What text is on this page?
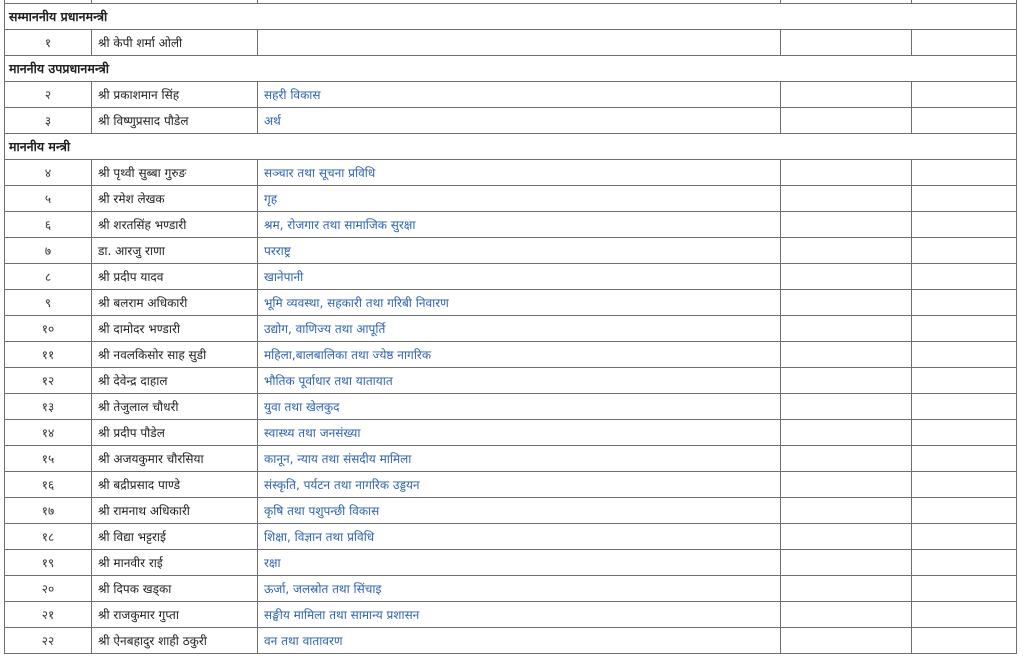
सम्माननीय प्रधानमन्त्री				
१	श्री केपी शर्मा ओली			
माननीय उपप्रधानमन्त्री				
२	श्री प्रकाशमान सिंह	सहरी विकास		
३	श्री विष्णुप्रसाद पौडेल	अर्थ		
माननीय मन्त्री				
४	श्री पृथ्वी सुब्बा गुरुङ	सञ्चार तथा सूचना प्रविधि		
५	श्री रमेश लेखक	गृह		
६	श्री शरतसिंह भण्डारी	श्रम, रोजगार तथा सामाजिक सुरक्षा		
७	डा. आरजु राणा	परराष्ट्र		
८	श्री प्रदीप यादव	खानेपानी		
९	श्री बलराम अधिकारी	भूमि व्यवस्था, सहकारी तथा गरिबी निवारण		
१०	श्री दामोदर भण्डारी	उद्योग, वाणिज्य तथा आपूर्ति		
११	श्री नवलकिसोर साह सुडी	महिला,बालबालिका तथा ज्येष्ठ नागरिक		
१२	श्री देवेन्द्र दाहाल	भौतिक पूर्वाधार तथा यातायात		
१३	श्री तेजुलाल चौधरी	युवा तथा खेलकुद		
१४	श्री प्रदीप पौडेल	स्वास्थ्य तथा जनसंख्या		
१५	श्री अजयकुमार चौरसिया	कानून, न्याय तथा संसदीय मामिला		
१६	श्री बद्रीप्रसाद पाण्डे	संस्कृति, पर्यटन तथा नागरिक उड्डयन		
१७	श्री रामनाथ अधिकारी	कृषि तथा पशुपन्छी विकास		
१८	श्री विद्या भट्टराई	शिक्षा, विज्ञान तथा प्रविधि		
१९	श्री मानवीर राई	रक्षा		
२०	श्री दिपक खड्का	ऊर्जा, जलस्रोत तथा सिंचाइ		
२१	श्री राजकुमार गुप्ता	सङ्घीय मामिला तथा सामान्य प्रशासन		
२२	श्री ऐनबहादुर शाही ठकुरी	वन तथा वातावरण		
